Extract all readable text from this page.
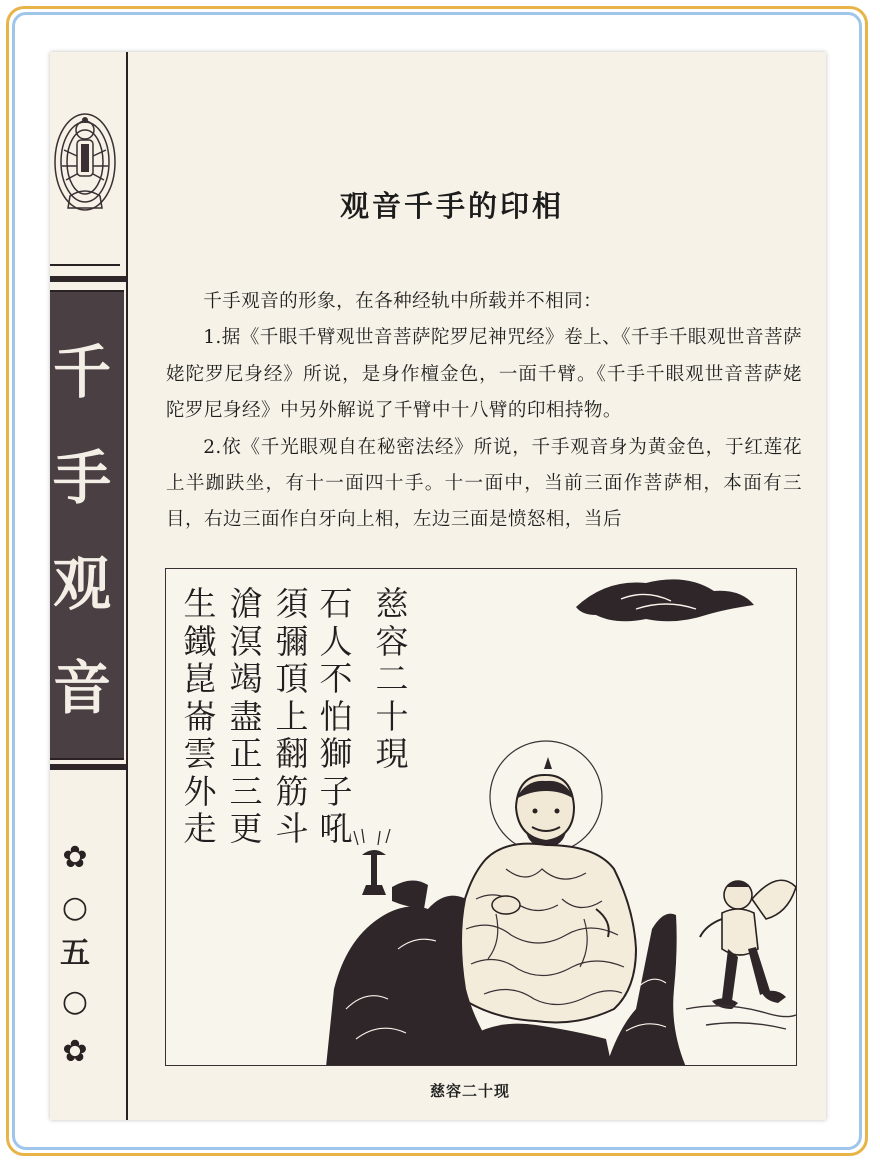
千
手
观
音
✿
○
五
○
✿
观音千手的印相

千手观音的形象，在各种经轨中所载并不相同：

1.据《千眼千臂观世音菩萨陀罗尼神咒经》卷上、《千手千眼观世音菩萨姥陀罗尼身经》所说，是身作檀金色，一面千臂。《千手千眼观世音菩萨姥陀罗尼身经》中另外解说了千臂中十八臂的印相持物。

2.依《千光眼观自在秘密法经》所说，千手观音身为黄金色，于红莲花上半跏趺坐，有十一面四十手。十一面中，当前三面作菩萨相，本面有三目，右边三面作白牙向上相，左边三面是愤怒相，当后

慈容二十現
石人不怕獅子吼
須彌頂上翻筋斗
滄溟竭盡正三更
生鐵崑崙雲外走
慈容二十现
